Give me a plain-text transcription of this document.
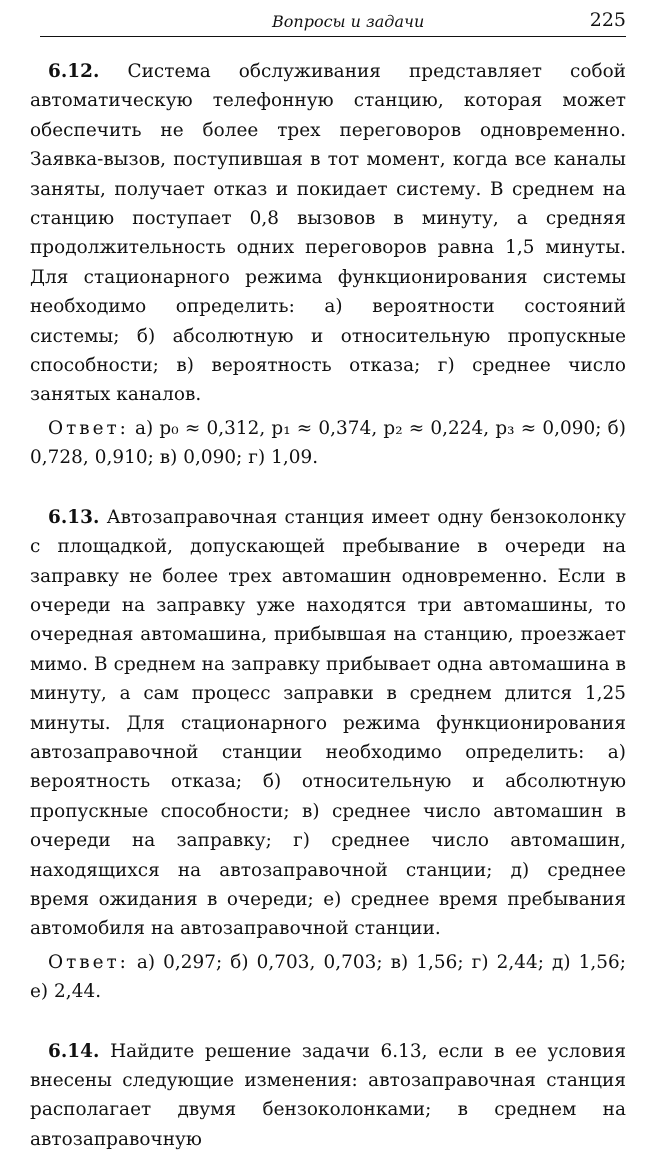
Вопросы и задачи	225

6.12. Система обслуживания представляет собой автоматическую телефонную станцию, которая может обеспечить не более трех переговоров одновременно. Заявка-вызов, поступившая в тот момент, когда все каналы заняты, получает отказ и покидает систему. В среднем на станцию поступает 0,8 вызовов в минуту, а средняя продолжительность одних переговоров равна 1,5 минуты. Для стационарного режима функционирования системы необходимо определить: а) вероятности состояний системы; б) абсолютную и относительную пропускные способности; в) вероятность отказа; г) среднее число занятых каналов.

Ответ: а) p₀ ≈ 0,312, p₁ ≈ 0,374, p₂ ≈ 0,224, p₃ ≈ 0,090; б) 0,728, 0,910; в) 0,090; г) 1,09.

6.13. Автозаправочная станция имеет одну бензоколонку с площадкой, допускающей пребывание в очереди на заправку не более трех автомашин одновременно. Если в очереди на заправку уже находятся три автомашины, то очередная автомашина, прибывшая на станцию, проезжает мимо. В среднем на заправку прибывает одна автомашина в минуту, а сам процесс заправки в среднем длится 1,25 минуты. Для стационарного режима функционирования автозаправочной станции необходимо определить: а) вероятность отказа; б) относительную и абсолютную пропускные способности; в) среднее число автомашин в очереди на заправку; г) среднее число автомашин, находящихся на автозаправочной станции; д) среднее время ожидания в очереди; е) среднее время пребывания автомобиля на автозаправочной станции.

Ответ: а) 0,297; б) 0,703, 0,703; в) 1,56; г) 2,44; д) 1,56; е) 2,44.

6.14. Найдите решение задачи 6.13, если в ее условия внесены следующие изменения: автозаправочная станция располагает двумя бензоколонками; в среднем на автозаправочную
